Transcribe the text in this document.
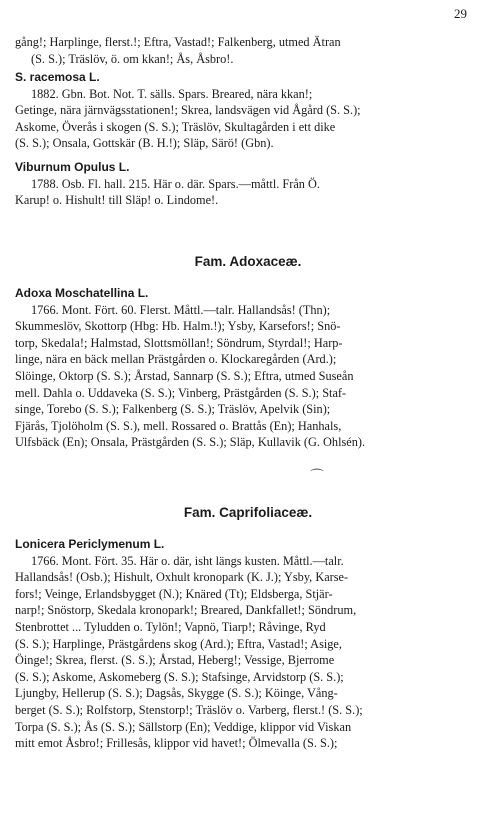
29

gång!; Harplinge, flerst.!; Eftra, Vastad!; Falkenberg, utmed Ätran

(S. S.); Träslöv, ö. om kkan!; Ås, Åsbro!.

S. racemosa L.

1882. Gbn. Bot. Not. T. sälls. Spars. Breared, nära kkan!;

Getinge, nära järnvägsstationen!; Skrea, landsvägen vid Ågård (S. S.);

Askome, Överås i skogen (S. S.); Träslöv, Skultagården i ett dike

(S. S.); Onsala, Gottskär (B. H.!); Släp, Särö! (Gbn).

Viburnum Opulus L.

1788. Osb. Fl. hall. 215. Här o. där. Spars.—måttl. Från Ö.

Karup! o. Hishult! till Släp! o. Lindome!.

Fam. Adoxaceæ.

Adoxa Moschatellina L.

1766. Mont. Fört. 60. Flerst. Måttl.—talr. Hallandsås! (Thn);

Skummeslöv, Skottorp (Hbg: Hb. Halm.!); Ysby, Karsefors!; Snö-

torp, Skedala!; Halmstad, Slottsmöllan!; Söndrum, Styrdal!; Harp-

linge, nära en bäck mellan Prästgården o. Klockaregården (Ard.);

Slöinge, Oktorp (S. S.); Årstad, Sannarp (S. S.); Eftra, utmed Suseån

mell. Dahla o. Uddaveka (S. S.); Vinberg, Prästgården (S. S.); Staf-

singe, Torebo (S. S.); Falkenberg (S. S.); Träslöv, Apelvik (Sin);

Fjärås, Tjolöholm (S. S.), mell. Rossared o. Brattås (En); Hanhals,

Ulfsbäck (En); Onsala, Prästgården (S. S.); Släp, Kullavik (G. Ohlsén).

⌒
Fam. Caprifoliaceæ.

Lonicera Periclymenum L.

1766. Mont. Fört. 35. Här o. där, isht längs kusten. Måttl.—talr.

Hallandsås! (Osb.); Hishult, Oxhult kronopark (K. J.); Ysby, Karse-

fors!; Veinge, Erlandsbygget (N.); Knäred (Tt); Eldsberga, Stjär-

narp!; Snöstorp, Skedala kronopark!; Breared, Dankfallet!; Söndrum,

Stenbrottet ... Tyludden o. Tylön!; Vapnö, Tiarp!; Råvinge, Ryd

(S. S.); Harplinge, Prästgårdens skog (Ard.); Eftra, Vastad!; Asige,

Öinge!; Skrea, flerst. (S. S.); Årstad, Heberg!; Vessige, Bjerrome

(S. S.); Askome, Askomeberg (S. S.); Stafsinge, Arvidstorp (S. S.);

Ljungby, Hellerup (S. S.); Dagsås, Skygge (S. S.); Köinge, Vång-

berget (S. S.); Rolfstorp, Stenstorp!; Träslöv o. Varberg, flerst.! (S. S.);

Torpa (S. S.); Ås (S. S.); Sällstorp (En); Veddige, klippor vid Viskan

mitt emot Åsbro!; Frillesås, klippor vid havet!; Ölmevalla (S. S.);
